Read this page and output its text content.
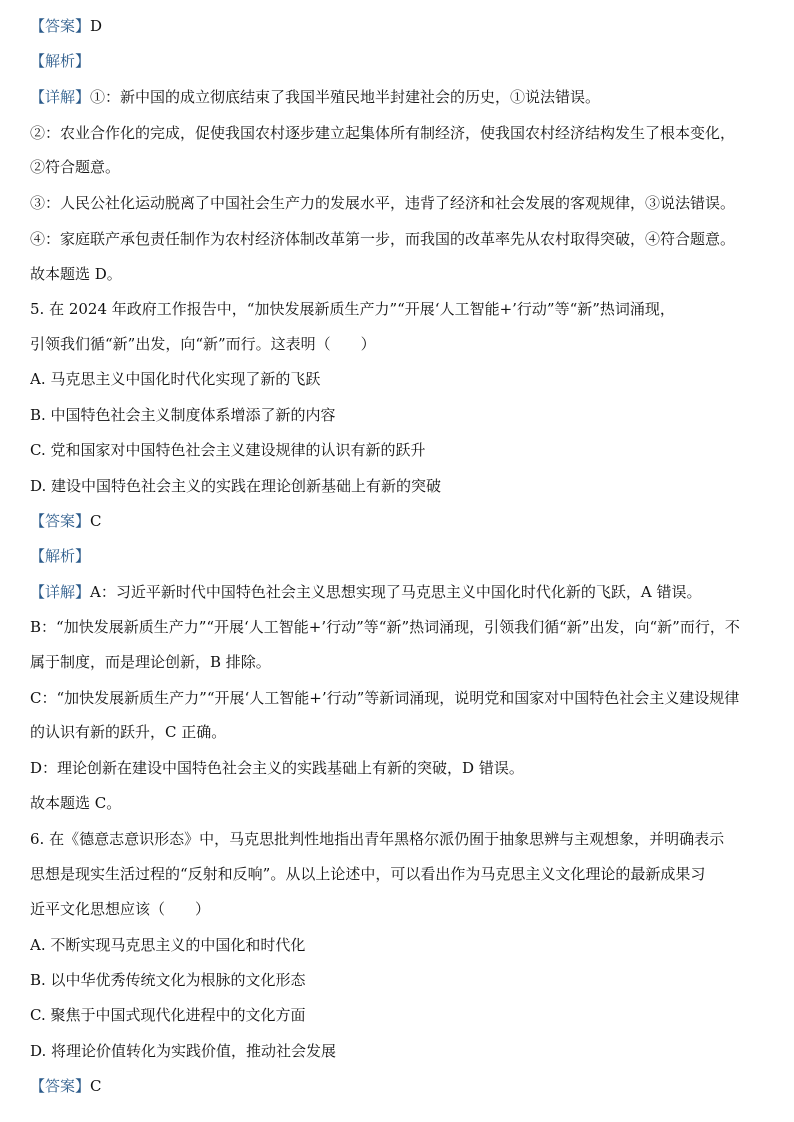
【答案】D
【解析】
【详解】①：新中国的成立彻底结束了我国半殖民地半封建社会的历史，①说法错误。
②：农业合作化的完成，促使我国农村逐步建立起集体所有制经济，使我国农村经济结构发生了根本变化，
②符合题意。
③：人民公社化运动脱离了中国社会生产力的发展水平，违背了经济和社会发展的客观规律，③说法错误。
④：家庭联产承包责任制作为农村经济体制改革第一步，而我国的改革率先从农村取得突破，④符合题意。
故本题选 D。
5. 在 2024 年政府工作报告中，“加快发展新质生产力”“开展‘人工智能+’行动”等“新”热词涌现，
引领我们循“新”出发，向“新”而行。这表明（　　）
A. 马克思主义中国化时代化实现了新的飞跃
B. 中国特色社会主义制度体系增添了新的内容
C. 党和国家对中国特色社会主义建设规律的认识有新的跃升
D. 建设中国特色社会主义的实践在理论创新基础上有新的突破
【答案】C
【解析】
【详解】A：习近平新时代中国特色社会主义思想实现了马克思主义中国化时代化新的飞跃，A 错误。
B：“加快发展新质生产力”“开展‘人工智能+’行动”等“新”热词涌现，引领我们循“新”出发，向“新”而行，不
属于制度，而是理论创新，B 排除。
C：“加快发展新质生产力”“开展‘人工智能+’行动”等新词涌现，说明党和国家对中国特色社会主义建设规律
的认识有新的跃升，C 正确。
D：理论创新在建设中国特色社会主义的实践基础上有新的突破，D 错误。
故本题选 C。
6. 在《德意志意识形态》中，马克思批判性地指出青年黑格尔派仍囿于抽象思辨与主观想象，并明确表示
思想是现实生活过程的“反射和反响”。从以上论述中，可以看出作为马克思主义文化理论的最新成果习
近平文化思想应该（　　）
A. 不断实现马克思主义的中国化和时代化
B. 以中华优秀传统文化为根脉的文化形态
C. 聚焦于中国式现代化进程中的文化方面
D. 将理论价值转化为实践价值，推动社会发展
【答案】C
